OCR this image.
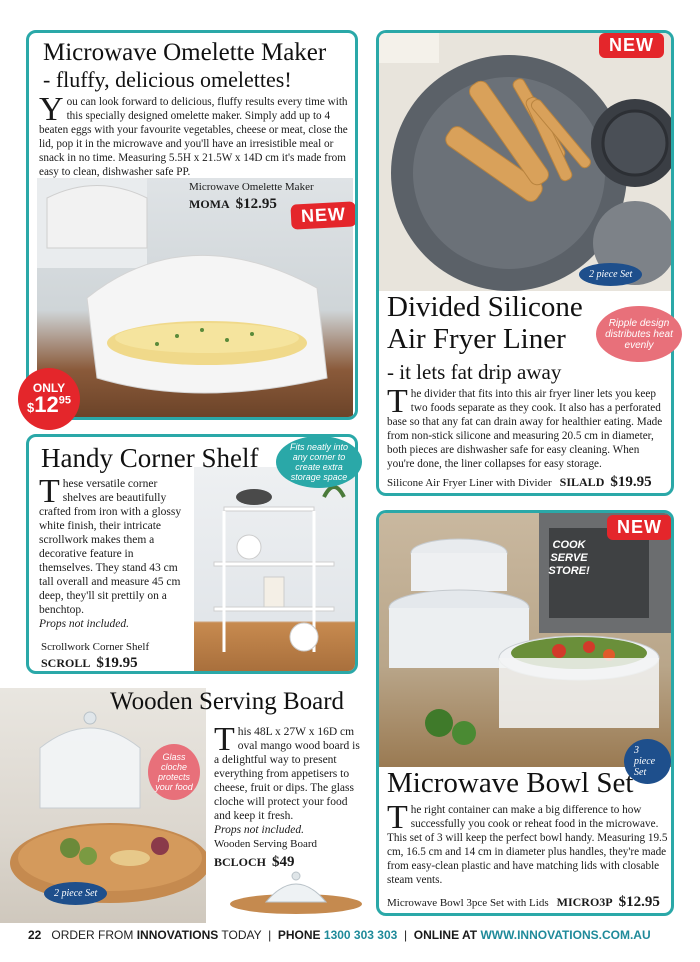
Microwave Omelette Maker
- fluffy, delicious omelettes!
You can look forward to delicious, fluffy results every time with this specially designed omelette maker. Simply add up to 4 beaten eggs with your favourite vegetables, cheese or meat, close the lid, pop it in the microwave and you'll have an irresistible meal or snack in no time. Measuring 5.5H x 21.5W x 14D cm it's made from easy to clean, dishwasher safe PP.
Microwave Omelette Maker
MOMA $12.95	NEW
ONLY
$\$12^{95}$
NEW
2 piece Set
Divided Silicone
Air Fryer Liner
- it lets fat drip away
The divider that fits into this air fryer liner lets you keep two foods separate as they cook. It also has a perforated base so that any fat can drain away for healthier eating. Made from non-stick silicone and measuring 20.5 cm in diameter, both pieces are dishwasher safe for easy cleaning. When you're done, the liner collapses for easy storage.
Silicone Air Fryer Liner with Divider SILALD $19.95
Ripple design distributes heat evenly
Handy Corner Shelf
These versatile corner shelves are beautifully crafted from iron with a glossy white finish, their intricate scrollwork makes them a decorative feature in themselves. They stand 43 cm tall overall and measure 45 cm deep, they'll sit prettily on a benchtop.
Props not included.
Scrollwork Corner Shelf
SCROLL $19.95
Fits neatly into any corner to create extra storage space
NEW
COOK SERVE STORE!
3 piece Set
Microwave Bowl Set
The right container can make a big difference to how successfully you cook or reheat food in the microwave. This set of 3 will keep the perfect bowl handy. Measuring 19.5 cm, 16.5 cm and 14 cm in diameter plus handles, they're made from easy-clean plastic and have matching lids with closable steam vents.
Microwave Bowl 3pce Set with Lids MICRO3P $12.95
Wooden Serving Board
This 48L x 27W x 16D cm oval mango wood board is a delightful way to present everything from appetisers to cheese, fruit or dips. The glass cloche will protect your food and keep it fresh.
Props not included.
Wooden Serving Board
BCLOCH $49
Glass cloche protects your food
2 piece Set
22 ORDER FROM INNOVATIONS TODAY  |  PHONE 1300 303 303  |  ONLINE AT WWW.INNOVATIONS.COM.AU
